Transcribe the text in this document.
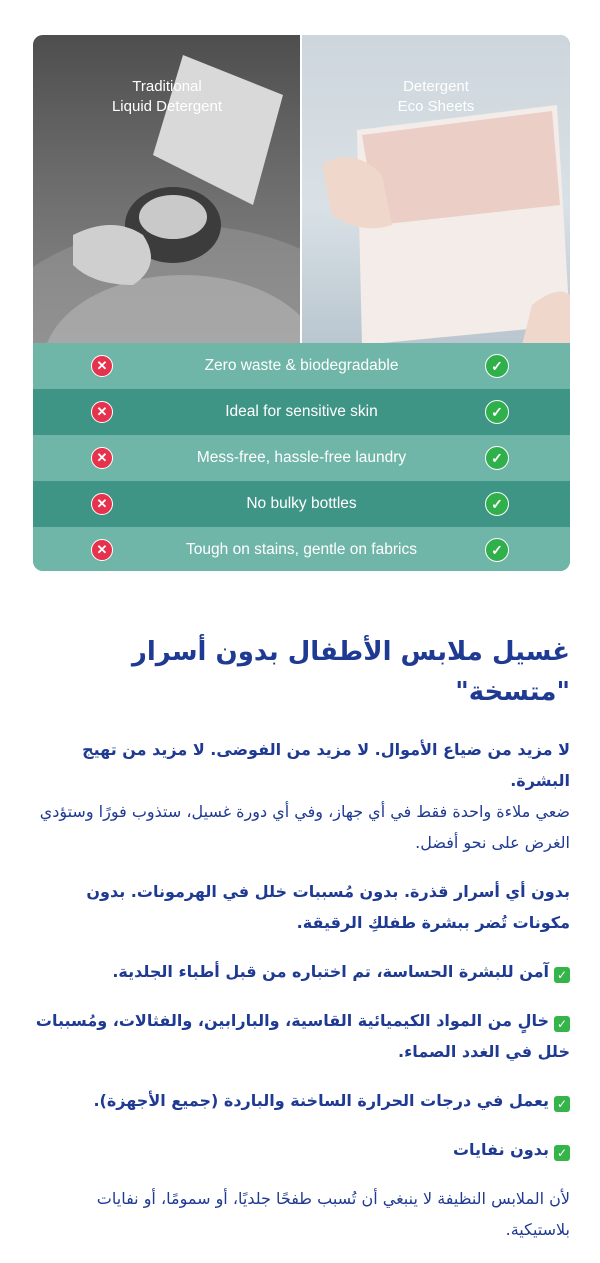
Traditional
Liquid Detergent
Detergent
Eco Sheets
✕	Zero waste & biodegradable	✓
✕	Ideal for sensitive skin	✓
✕	Mess-free, hassle-free laundry	✓
✕	No bulky bottles	✓
✕	Tough on stains, gentle on fabrics	✓
غسيل ملابس الأطفال بدون أسرار "متسخة"

لا مزيد من ضياع الأموال. لا مزيد من الفوضى. لا مزيد من تهيج البشرة.

ضعي ملاءة واحدة فقط في أي جهاز، وفي أي دورة غسيل، ستذوب فورًا وستؤدي الغرض على نحو أفضل.

بدون أي أسرار قذرة. بدون مُسببات خلل في الهرمونات. بدون مكونات تُضر ببشرة طفلكِ الرقيقة.

✓آمن للبشرة الحساسة، تم اختباره من قبل أطباء الجلدية.

✓خالٍ من المواد الكيميائية القاسية، والبارابين، والفثالات، ومُسببات خلل في الغدد الصماء.

✓يعمل في درجات الحرارة الساخنة والباردة (جميع الأجهزة).

✓بدون نفايات

لأن الملابس النظيفة لا ينبغي أن تُسبب طفحًا جلديًا، أو سمومًا، أو نفايات بلاستيكية.
